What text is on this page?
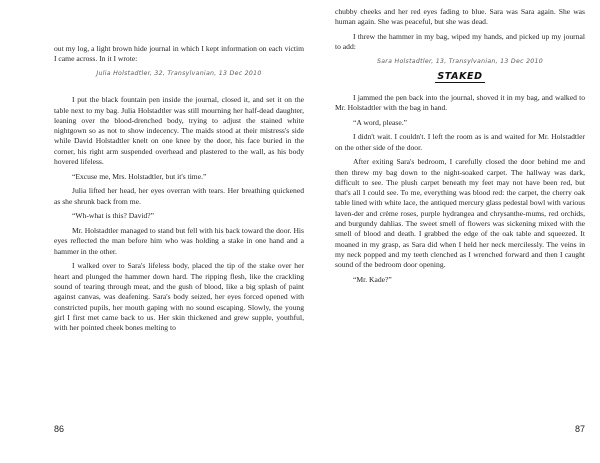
out my log, a light brown hide journal in which I kept information on each victim I came across. In it I wrote:

Julia Holstadtler, 32, Transylvanian, 13 Dec 2010

I put the black fountain pen inside the journal, closed it, and set it on the table next to my bag. Julia Holstadtler was still mourning her half-dead daughter, leaning over the blood-drenched body, trying to adjust the stained white nightgown so as not to show indecency. The maids stood at their mistress's side while David Holstadtler knelt on one knee by the door, his face buried in the corner, his right arm suspended overhead and plastered to the wall, as his body hovered lifeless.

“Excuse me, Mrs. Holstadtler, but it's time.”

Julia lifted her head, her eyes overran with tears. Her breathing quickened as she shrunk back from me.

“Wh-what is this? David?”

Mr. Holstadtler managed to stand but fell with his back toward the door. His eyes reflected the man before him who was holding a stake in one hand and a hammer in the other.

I walked over to Sara's lifeless body, placed the tip of the stake over her heart and plunged the hammer down hard. The ripping flesh, like the crackling sound of tearing through meat, and the gush of blood, like a big splash of paint against canvas, was deafening. Sara's body seized, her eyes forced opened with constricted pupils, her mouth gaping with no sound escaping. Slowly, the young girl I first met came back to us. Her skin thickened and grew supple, youthful, with her pointed cheek bones melting to

86

chubby cheeks and her red eyes fading to blue. Sara was Sara again. She was human again. She was peaceful, but she was dead.

I threw the hammer in my bag, wiped my hands, and picked up my journal to add:

Sara Holstadtler, 13, Transylvanian, 13 Dec 2010
STAKED

I jammed the pen back into the journal, shoved it in my bag, and walked to Mr. Holstadtler with the bag in hand.

“A word, please.”

I didn't wait. I couldn't. I left the room as is and waited for Mr. Holstadtler on the other side of the door.

After exiting Sara's bedroom, I carefully closed the door behind me and then threw my bag down to the night-soaked carpet. The hallway was dark, difficult to see. The plush carpet beneath my feet may not have been red, but that's all I could see. To me, everything was blood red: the carpet, the cherry oak table lined with white lace, the antiqued mercury glass pedestal bowl with various laven-der and crème roses, purple hydrangea and chrysanthe-mums, red orchids, and burgundy dahlias. The sweet smell of flowers was sickening mixed with the smell of blood and death. I grabbed the edge of the oak table and squeezed. It moaned in my grasp, as Sara did when I held her neck mercilessly. The veins in my neck popped and my teeth clenched as I wrenched forward and then I caught sound of the bedroom door opening.

“Mr. Kade?”

87
